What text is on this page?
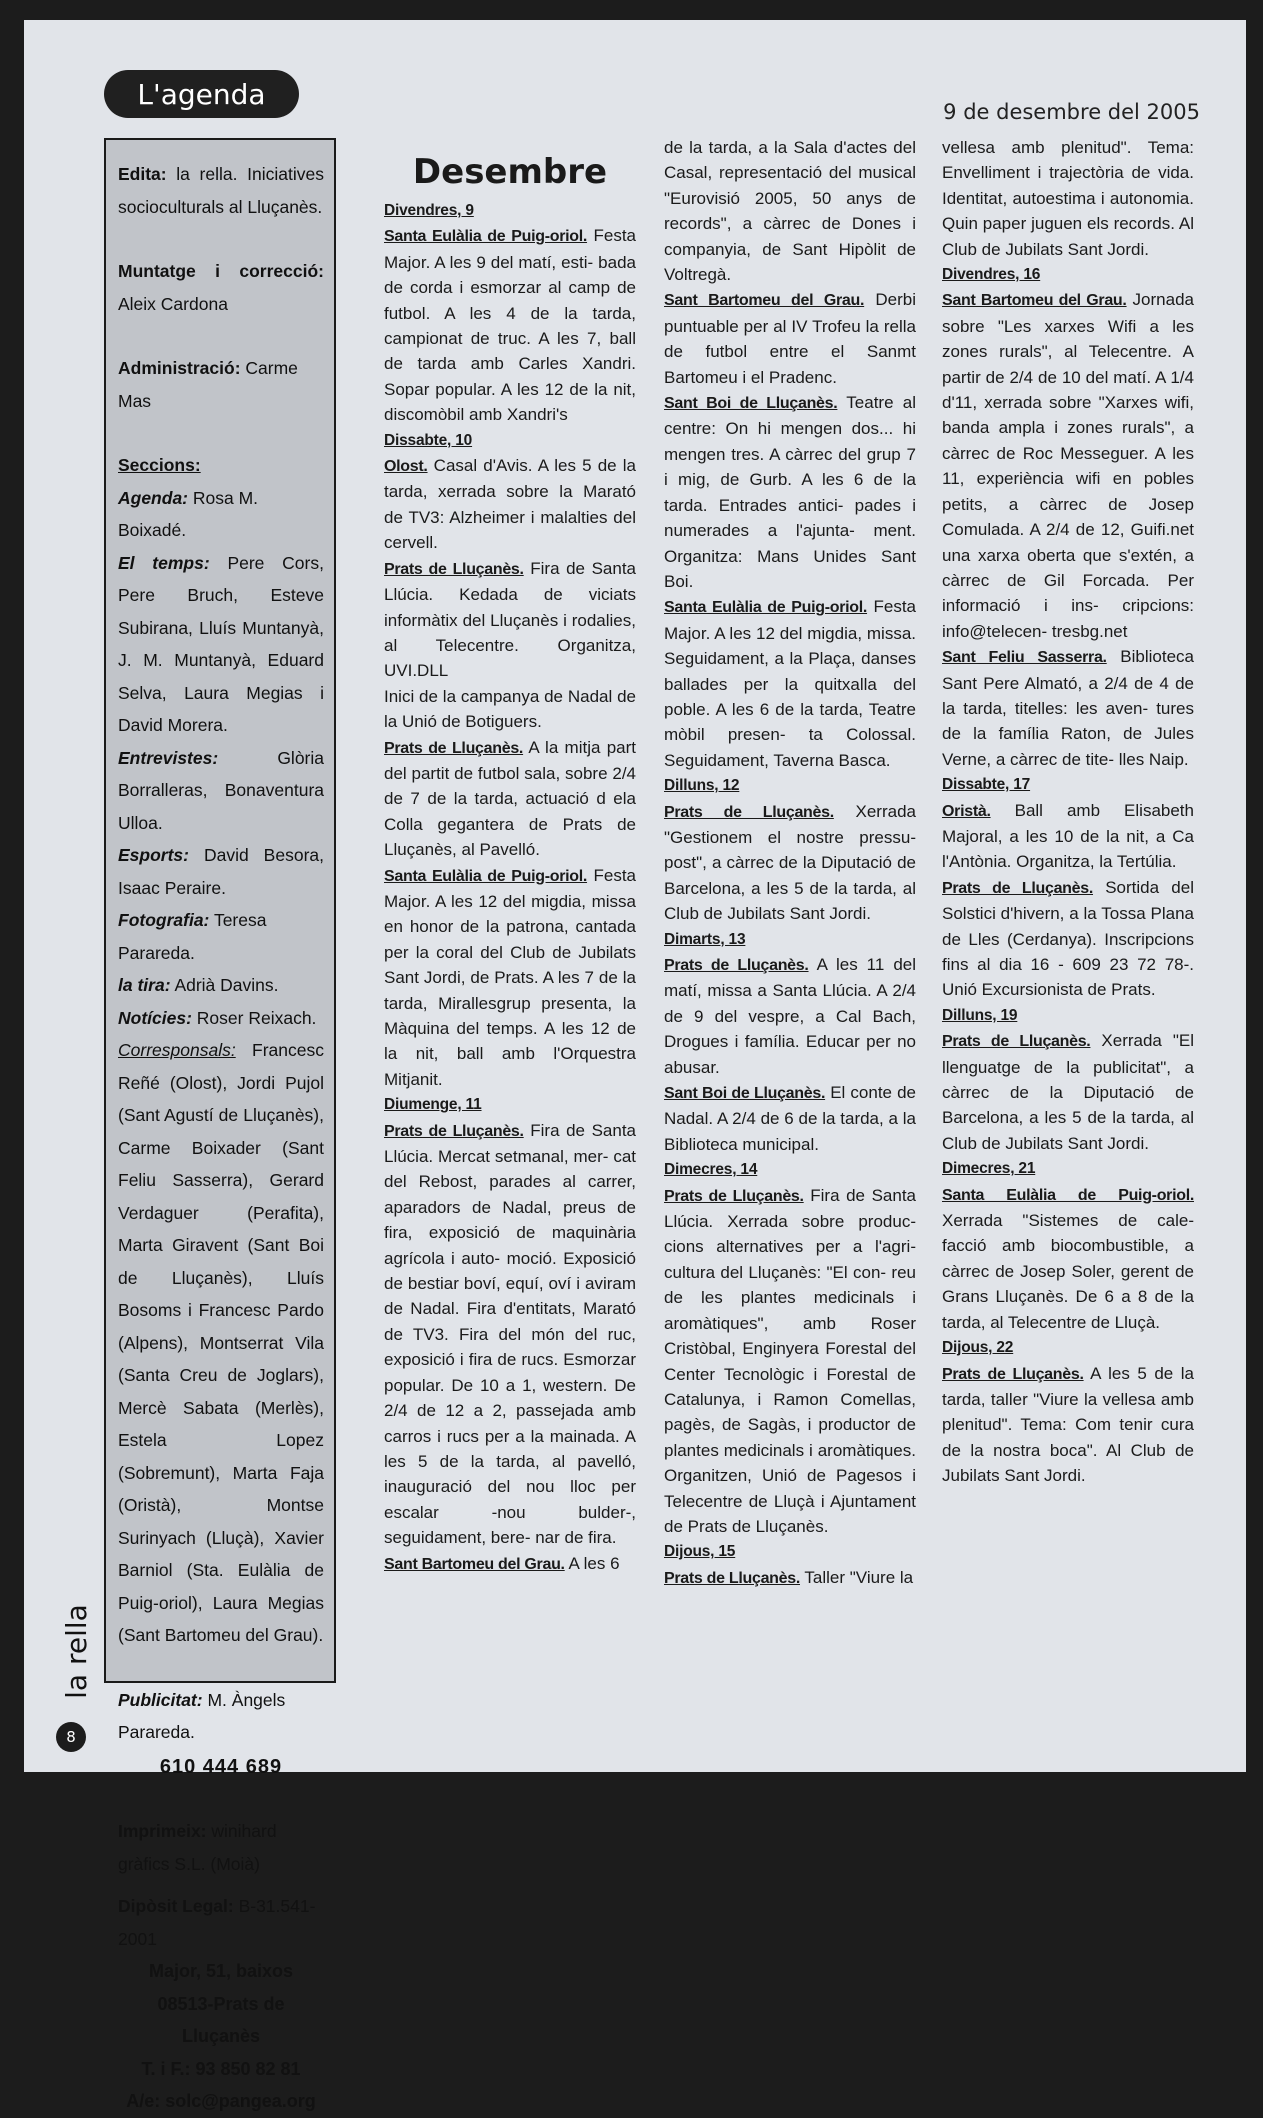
L'agenda
9 de desembre del 2005

Edita: la rella. Iniciatives socioculturals al Lluçanès.

Muntatge i correcció: Aleix Cardona

Administració: Carme Mas

Seccions:

Agenda: Rosa M. Boixadé.

El temps: Pere Cors, Pere Bruch, Esteve Subirana, Lluís Muntanyà, J. M. Muntanyà, Eduard Selva, Laura Megias i David Morera.

Entrevistes:	Glòria Borralleras, Bonaventura Ulloa.

Esports: David Besora, Isaac Peraire.

Fotografia: Teresa Parareda.

la tira: Adrià Davins.

Notícies: Roser Reixach.

Corresponsals: Francesc Reñé (Olost), Jordi Pujol (Sant Agustí de Lluçanès), Carme Boixader (Sant Feliu Sasserra), Gerard Verdaguer (Perafita), Marta Giravent (Sant Boi de Lluçanès), Lluís Bosoms i Francesc Pardo (Alpens), Montserrat Vila (Santa Creu de Joglars), Mercè Sabata (Merlès), Estela Lopez (Sobremunt), Marta Faja (Oristà), Montse Surinyach (Lluçà), Xavier Barniol (Sta. Eulàlia de Puig-oriol), Laura Megias (Sant Bartomeu del Grau).

Publicitat: M. Àngels Parareda.

610 444 689

Imprimeix: winihard gràfics S.L. (Moià)

Dipòsit Legal: B-31.541-2001

Major, 51, baixos

08513-Prats de Lluçanès

T. i F.: 93 850 82 81

A/e: solc@pangea.org

la rella
8
Desembre
Divendres, 9

Santa Eulàlia de Puig-oriol. Festa Major. A les 9 del matí, esti- bada de corda i esmorzar al camp de futbol. A les 4 de la tarda, campionat de truc. A les 7, ball de tarda amb Carles Xandri. Sopar popular. A les 12 de la nit, discomòbil amb Xandri's

Dissabte, 10

Olost. Casal d'Avis. A les 5 de la tarda, xerrada sobre la Marató de TV3: Alzheimer i malalties del cervell.

Prats de Lluçanès. Fira de Santa Llúcia. Kedada de viciats informàtix del Lluçanès i rodalies, al Telecentre. Organitza, UVI.DLL

Inici de la campanya de Nadal de la Unió de Botiguers.

Prats de Lluçanès. A la mitja part del partit de futbol sala, sobre 2/4 de 7 de la tarda, actuació d ela Colla gegantera de Prats de Lluçanès, al Pavelló.

Santa Eulàlia de Puig-oriol. Festa Major. A les 12 del migdia, missa en honor de la patrona, cantada per la coral del Club de Jubilats Sant Jordi, de Prats. A les 7 de la tarda, Mirallesgrup presenta, la Màquina del temps. A les 12 de la nit, ball amb l'Orquestra Mitjanit.

Diumenge, 11

Prats de Lluçanès. Fira de Santa Llúcia. Mercat setmanal, mer- cat del Rebost, parades al carrer, aparadors de Nadal, preus de fira, exposició de maquinària agrícola i auto- moció. Exposició de bestiar boví, equí, oví i aviram de Nadal. Fira d'entitats, Marató de TV3. Fira del món del ruc, exposició i fira de rucs. Esmorzar popular. De 10 a 1, western. De 2/4 de 12 a 2, passejada amb carros i rucs per a la mainada. A les 5 de la tarda, al pavelló, inauguració del nou lloc per escalar -nou bulder-, seguidament, bere- nar de fira.

Sant Bartomeu del Grau. A les 6

de la tarda, a la Sala d'actes del Casal, representació del musical "Eurovisió 2005, 50 anys de records", a càrrec de Dones i companyia, de Sant Hipòlit de Voltregà.

Sant Bartomeu del Grau. Derbi puntuable per al IV Trofeu la rella de futbol entre el Sanmt Bartomeu i el Pradenc.

Sant Boi de Lluçanès. Teatre al centre: On hi mengen dos... hi mengen tres. A càrrec del grup 7 i mig, de Gurb. A les 6 de la tarda. Entrades antici- pades i numerades a l'ajunta- ment. Organitza: Mans Unides Sant Boi.

Santa Eulàlia de Puig-oriol. Festa Major. A les 12 del migdia, missa. Seguidament, a la Plaça, danses ballades per la quitxalla del poble. A les 6 de la tarda, Teatre mòbil presen- ta Colossal. Seguidament, Taverna Basca.

Dilluns, 12

Prats de Lluçanès. Xerrada "Gestionem el nostre pressu- post", a càrrec de la Diputació de Barcelona, a les 5 de la tarda, al Club de Jubilats Sant Jordi.

Dimarts, 13

Prats de Lluçanès. A les 11 del matí, missa a Santa Llúcia. A 2/4 de 9 del vespre, a Cal Bach, Drogues i família. Educar per no abusar.

Sant Boi de Lluçanès. El conte de Nadal. A 2/4 de 6 de la tarda, a la Biblioteca municipal.

Dimecres, 14

Prats de Lluçanès. Fira de Santa Llúcia. Xerrada sobre produc- cions alternatives per a l'agri- cultura del Lluçanès: "El con- reu de les plantes medicinals i aromàtiques", amb Roser Cristòbal, Enginyera Forestal del Center Tecnològic i Forestal de Catalunya, i Ramon Comellas, pagès, de Sagàs, i productor de plantes medicinals i aromàtiques. Organitzen, Unió de Pagesos i Telecentre de Lluçà i Ajuntament de Prats de Lluçanès.

Dijous, 15

Prats de Lluçanès. Taller "Viure la

vellesa amb plenitud". Tema: Envelliment i trajectòria de vida. Identitat, autoestima i autonomia. Quin paper juguen els records. Al Club de Jubilats Sant Jordi.

Divendres, 16

Sant Bartomeu del Grau. Jornada sobre "Les xarxes Wifi a les zones rurals", al Telecentre. A partir de 2/4 de 10 del matí. A 1/4 d'11, xerrada sobre "Xarxes wifi, banda ampla i zones rurals", a càrrec de Roc Messeguer. A les 11, experiència wifi en pobles petits, a càrrec de Josep Comulada. A 2/4 de 12, Guifi.net una xarxa oberta que s'extén, a càrrec de Gil Forcada. Per informació i ins- cripcions: info@telecen- tresbg.net

Sant Feliu Sasserra. Biblioteca Sant Pere Almató, a 2/4 de 4 de la tarda, titelles: les aven- tures de la família Raton, de Jules Verne, a càrrec de tite- lles Naip.

Dissabte, 17

Oristà. Ball amb Elisabeth Majoral, a les 10 de la nit, a Ca l'Antònia. Organitza, la Tertúlia.

Prats de Lluçanès. Sortida del Solstici d'hivern, a la Tossa Plana de Lles (Cerdanya). Inscripcions fins al dia 16 - 609 23 72 78-. Unió Excursionista de Prats.

Dilluns, 19

Prats de Lluçanès. Xerrada "El llenguatge de la publicitat", a càrrec de la Diputació de Barcelona, a les 5 de la tarda, al Club de Jubilats Sant Jordi.

Dimecres, 21

Santa Eulàlia de Puig-oriol. Xerrada "Sistemes de cale- facció amb biocombustible, a càrrec de Josep Soler, gerent de Grans Lluçanès. De 6 a 8 de la tarda, al Telecentre de Lluçà.

Dijous, 22

Prats de Lluçanès. A les 5 de la tarda, taller "Viure la vellesa amb plenitud". Tema: Com tenir cura de la nostra boca". Al Club de Jubilats Sant Jordi.
